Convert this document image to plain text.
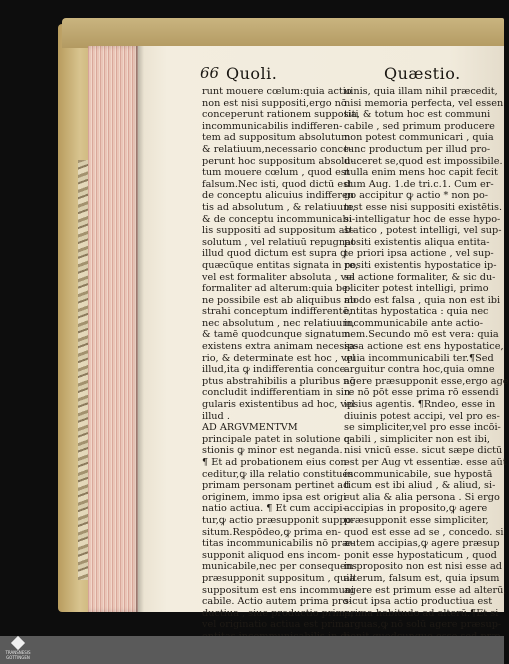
66 Quoli.	Quæstio.
runt mouere cœlum:quia actio
non est nisi suppositi,ergo nō
conceperunt rationem suppositi
incommunicabilis indifferen-
tem ad suppositum absolutum
& relatiuum,necessario conce-
perunt hoc suppositum absolu-
tum mouere cœlum , quod est
falsum.Nec isti, quod dictū est
de conceptu alicuius indifferen
tis ad absolutum , & relatiuum,
& de conceptu incommunicabi-
lis suppositi ad suppositum ab-
solutum , vel relatiuū repugnat
illud quod dictum est supra ꝙ
quæcūque entitas signata in re,
vel est formaliter absoluta , vel
formaliter ad alterum:quia be-
ne possibile est ab aliquibus ab
strahi conceptum indifferentē,
nec absolutum , nec relatiuum,
& tamē quodcunque signatum
existens extra animam necessa-
rio, & determinate est hoc , vel
illud,ita ꝙ indifferentia conce-
ptus abstrahibilis a pluribus nō
concludit indifferentiam in sin-
gularis existentibus ad hoc, vel
illud .
AD ARGVMENTVM
principale patet in solutione q-
stionis ꝙ minor est neganda.
¶ Et ad probationem eius con-
ceditur,ꝙ illa relatio constitués
primam personam pertinet ad
originem, immo ipsa est origi-
natio actiua. ¶ Et cum accipi-
tur,ꝙ actio præsupponit suppo-
situm.Respōdeo,ꝙ prima en-
titas incommunicabilis nō præ-
supponit aliquod ens incom-
municabile,nec per consequens
præsupponit suppositum , quia
suppositum est ens incommuni
cabile. Actio autem prima pro-
ductiua , siue productio prima,
vel originatio actiua est prima
uinis, quia illam nihil præcedit,
nisi memoria perfecta, vel essen
tia, & totum hoc est communi
cabile , sed primum producere
non potest communicari , quia
tunc productum per illud pro-
duceret se,quod est impossibile.
nulla enim mens hoc capit fecit
dum Aug. 1.de tri.c.1. Cum er-
go accipitur ꝙ actio * non po-
test esse nisi suppositi existētis.
si intelligatur hoc de esse hypo-
statico , potest intelligi, vel sup-
positi existentis aliqua entita-
te priori ipsa actione , vel sup-
positi existentis hypostatice ip-
sa actione formaliter, & sic du-
pliciter potest intelligi, primo
modo est falsa , quia non est ibi
entitas hypostatica : quia nec
incommunicabile ante actio-
nem.Secundo mō est vera: quia
ipsa actione est ens hypostatice,
quia incommunicabili ter.¶Sed
arguitur contra hoc,quia omne
agere præsupponit esse,ergo age
re nō pōt esse prima rō essendi
ipsius agentis. ¶Rndeo, esse in
diuinis potest accipi, vel pro es-
se simpliciter,vel pro esse incōi-
cabili , simpliciter non est ibi,
nisi vnicū esse. sicut sæpe dictū
est per Aug vt essentiæ. esse aūt
incommunicabile, sue hypostā
ticum est ibi aliud , & aliud, si-
cut alia & alia persona . Si ergo
accipias in proposito,ꝙ agere
præsupponit esse simpliciter,
quod est esse ad se , concedo. si
autem accipias,ꝙ agere præsup
ponit esse hypostaticum , quod
in proposito non est nisi esse ad
alterum, falsum est, quia ipsum
agere est primum esse ad alterū,
sicut ipsa actio productiua est
prima habitudo ad alterū.¶Et si
arguas,ꝙ nō solū agere præsup-
TRANSNESIS
GOTTINGEN
